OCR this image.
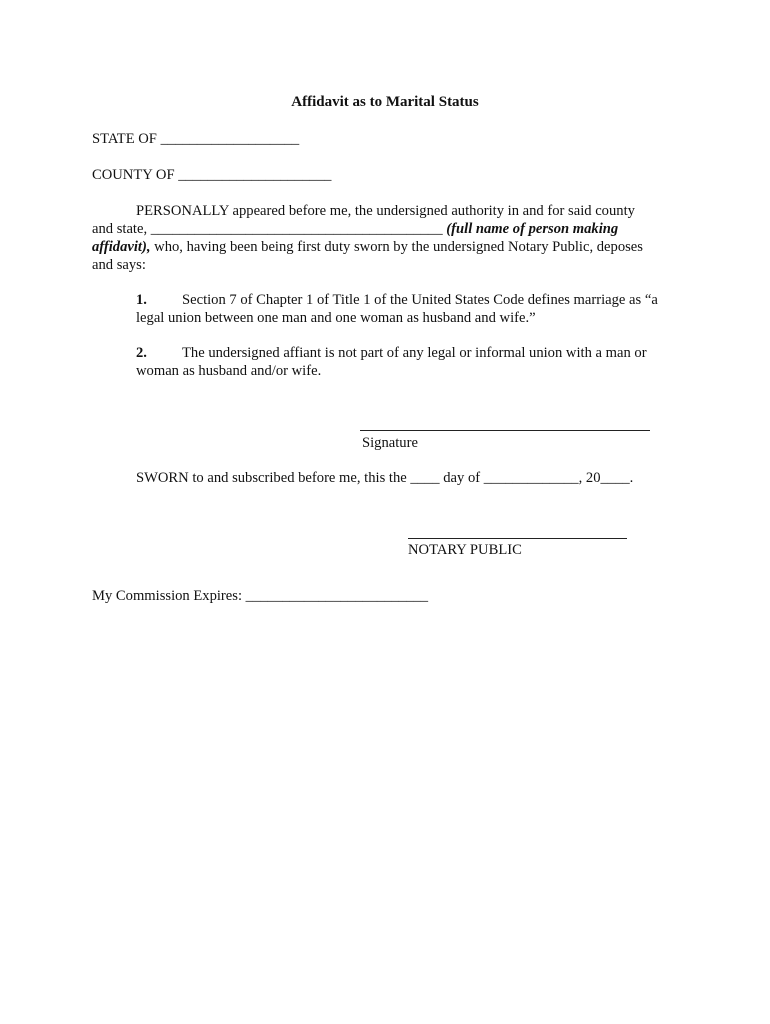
Affidavit as to Marital Status
STATE OF ___________________
COUNTY OF _____________________
PERSONALLY appeared before me, the undersigned authority in and for said county
and state, ________________________________________ (full name of person making
affidavit), who, having been being first duty sworn by the undersigned Notary Public, deposes
and says:
1. Section 7 of Chapter 1 of Title 1 of the United States Code defines marriage as “a
legal union between one man and one woman as husband and wife.”
2. The undersigned affiant is not part of any legal or informal union with a man or
woman as husband and/or wife.
Signature
SWORN to and subscribed before me, this the ____ day of _____________, 20____.
NOTARY PUBLIC
My Commission Expires: _________________________
